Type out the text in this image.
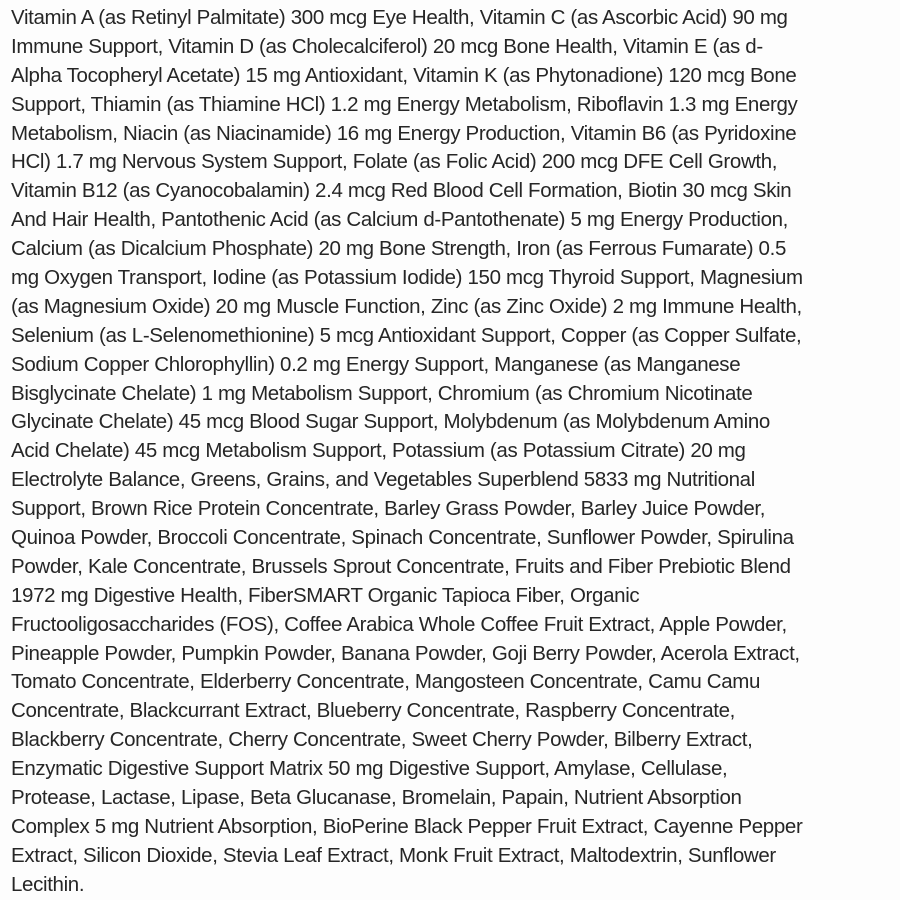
Vitamin A (as Retinyl Palmitate) 300 mcg Eye Health, Vitamin C (as Ascorbic Acid) 90 mg
Immune Support, Vitamin D (as Cholecalciferol) 20 mcg Bone Health, Vitamin E (as d-
Alpha Tocopheryl Acetate) 15 mg Antioxidant, Vitamin K (as Phytonadione) 120 mcg Bone
Support, Thiamin (as Thiamine HCl) 1.2 mg Energy Metabolism, Riboflavin 1.3 mg Energy
Metabolism, Niacin (as Niacinamide) 16 mg Energy Production, Vitamin B6 (as Pyridoxine
HCl) 1.7 mg Nervous System Support, Folate (as Folic Acid) 200 mcg DFE Cell Growth,
Vitamin B12 (as Cyanocobalamin) 2.4 mcg Red Blood Cell Formation, Biotin 30 mcg Skin
And Hair Health, Pantothenic Acid (as Calcium d-Pantothenate) 5 mg Energy Production,
Calcium (as Dicalcium Phosphate) 20 mg Bone Strength, Iron (as Ferrous Fumarate) 0.5
mg Oxygen Transport, Iodine (as Potassium Iodide) 150 mcg Thyroid Support, Magnesium
(as Magnesium Oxide) 20 mg Muscle Function, Zinc (as Zinc Oxide) 2 mg Immune Health,
Selenium (as L-Selenomethionine) 5 mcg Antioxidant Support, Copper (as Copper Sulfate,
Sodium Copper Chlorophyllin) 0.2 mg Energy Support, Manganese (as Manganese
Bisglycinate Chelate) 1 mg Metabolism Support, Chromium (as Chromium Nicotinate
Glycinate Chelate) 45 mcg Blood Sugar Support, Molybdenum (as Molybdenum Amino
Acid Chelate) 45 mcg Metabolism Support, Potassium (as Potassium Citrate) 20 mg
Electrolyte Balance, Greens, Grains, and Vegetables Superblend 5833 mg Nutritional
Support, Brown Rice Protein Concentrate, Barley Grass Powder, Barley Juice Powder,
Quinoa Powder, Broccoli Concentrate, Spinach Concentrate, Sunflower Powder, Spirulina
Powder, Kale Concentrate, Brussels Sprout Concentrate, Fruits and Fiber Prebiotic Blend
1972 mg Digestive Health, FiberSMART Organic Tapioca Fiber, Organic
Fructooligosaccharides (FOS), Coffee Arabica Whole Coffee Fruit Extract, Apple Powder,
Pineapple Powder, Pumpkin Powder, Banana Powder, Goji Berry Powder, Acerola Extract,
Tomato Concentrate, Elderberry Concentrate, Mangosteen Concentrate, Camu Camu
Concentrate, Blackcurrant Extract, Blueberry Concentrate, Raspberry Concentrate,
Blackberry Concentrate, Cherry Concentrate, Sweet Cherry Powder, Bilberry Extract,
Enzymatic Digestive Support Matrix 50 mg Digestive Support, Amylase, Cellulase,
Protease, Lactase, Lipase, Beta Glucanase, Bromelain, Papain, Nutrient Absorption
Complex 5 mg Nutrient Absorption, BioPerine Black Pepper Fruit Extract, Cayenne Pepper
Extract, Silicon Dioxide, Stevia Leaf Extract, Monk Fruit Extract, Maltodextrin, Sunflower
Lecithin.
